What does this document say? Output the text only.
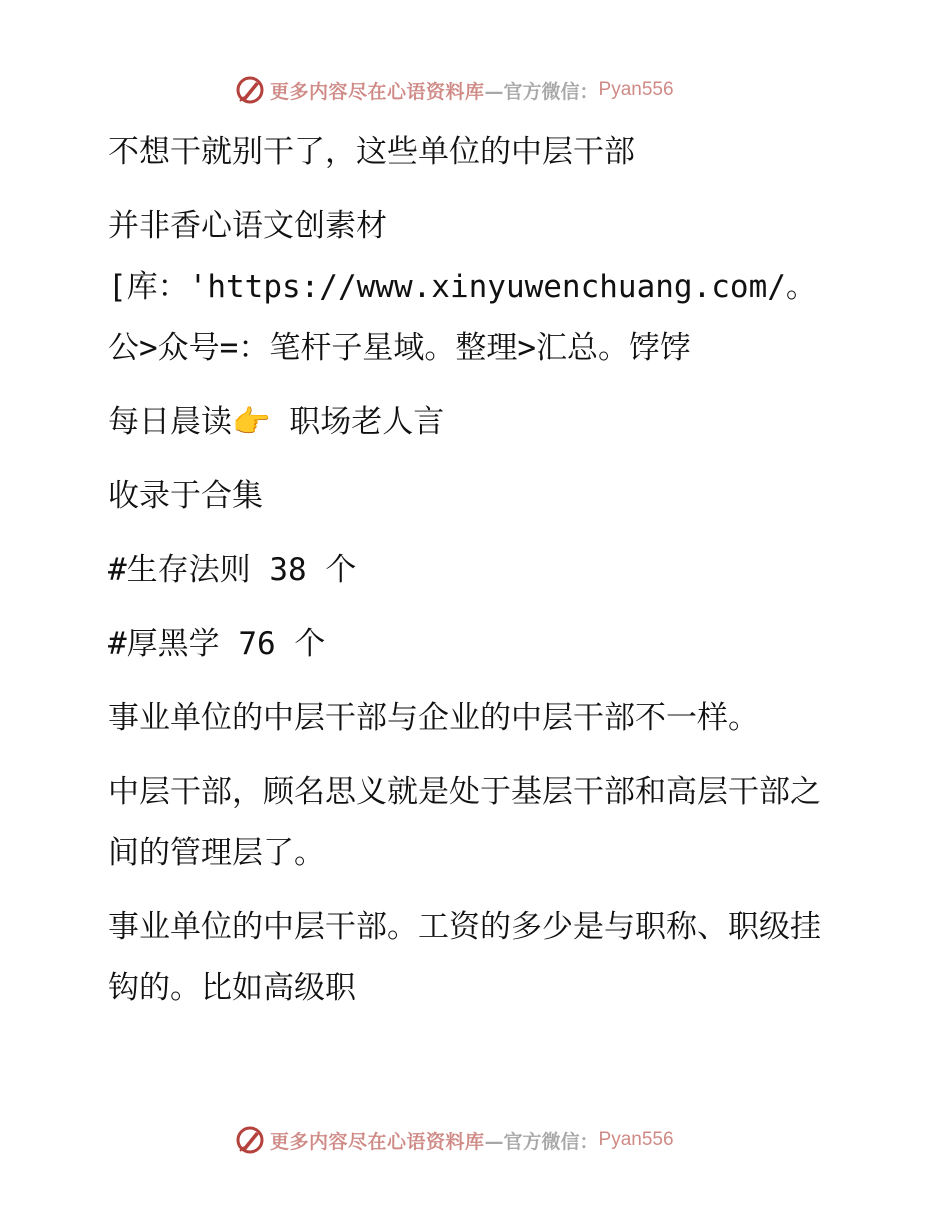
更多内容尽在心语资料库 —官方微信： Pyan556

不想干就别干了，这些单位的中层干部

并非香心语文创素材[库：'https://www.xinyuwenchuang.com/。公>众号=：笔杆子星域。整理>汇总。饽饽

每日晨读👉 职场老人言

收录于合集

#生存法则 38 个

#厚黑学 76 个

事业单位的中层干部与企业的中层干部不一样。

中层干部，顾名思义就是处于基层干部和高层干部之间的管理层了。

事业单位的中层干部。工资的多少是与职称、职级挂钩的。比如高级职

更多内容尽在心语资料库 —官方微信： Pyan556
